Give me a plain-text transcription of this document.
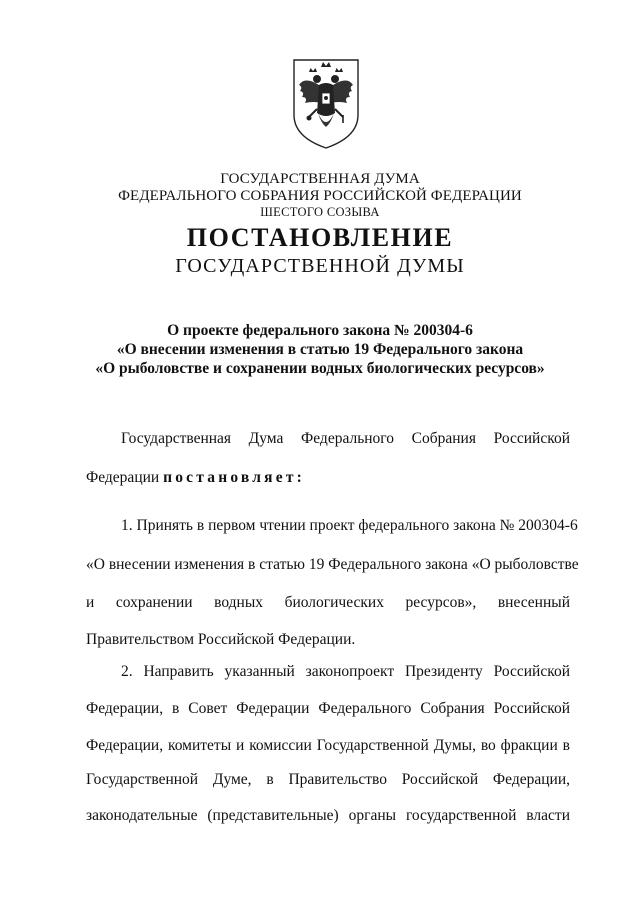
ГОСУДАРСТВЕННАЯ ДУМА

ФЕДЕРАЛЬНОГО СОБРАНИЯ РОССИЙСКОЙ ФЕДЕРАЦИИ

ШЕСТОГО СОЗЫВА

ПОСТАНОВЛЕНИЕ

ГОСУДАРСТВЕННОЙ ДУМЫ

О проекте федерального закона № 200304-6

«О внесении изменения в статью 19 Федерального закона

«О рыболовстве и сохранении водных биологических ресурсов»

Государственная Дума Федерального Собрания Российской

Федерации постановляет:

1. Принять в первом чтении проект федерального закона № 200304-6

«О внесении изменения в статью 19 Федерального закона «О рыболовстве

и сохранении водных биологических ресурсов», внесенный

Правительством Российской Федерации.

2. Направить указанный законопроект Президенту Российской

Федерации, в Совет Федерации Федерального Собрания Российской

Федерации, комитеты и комиссии Государственной Думы, во фракции в

Государственной Думе, в Правительство Российской Федерации,

законодательные (представительные) органы государственной власти
